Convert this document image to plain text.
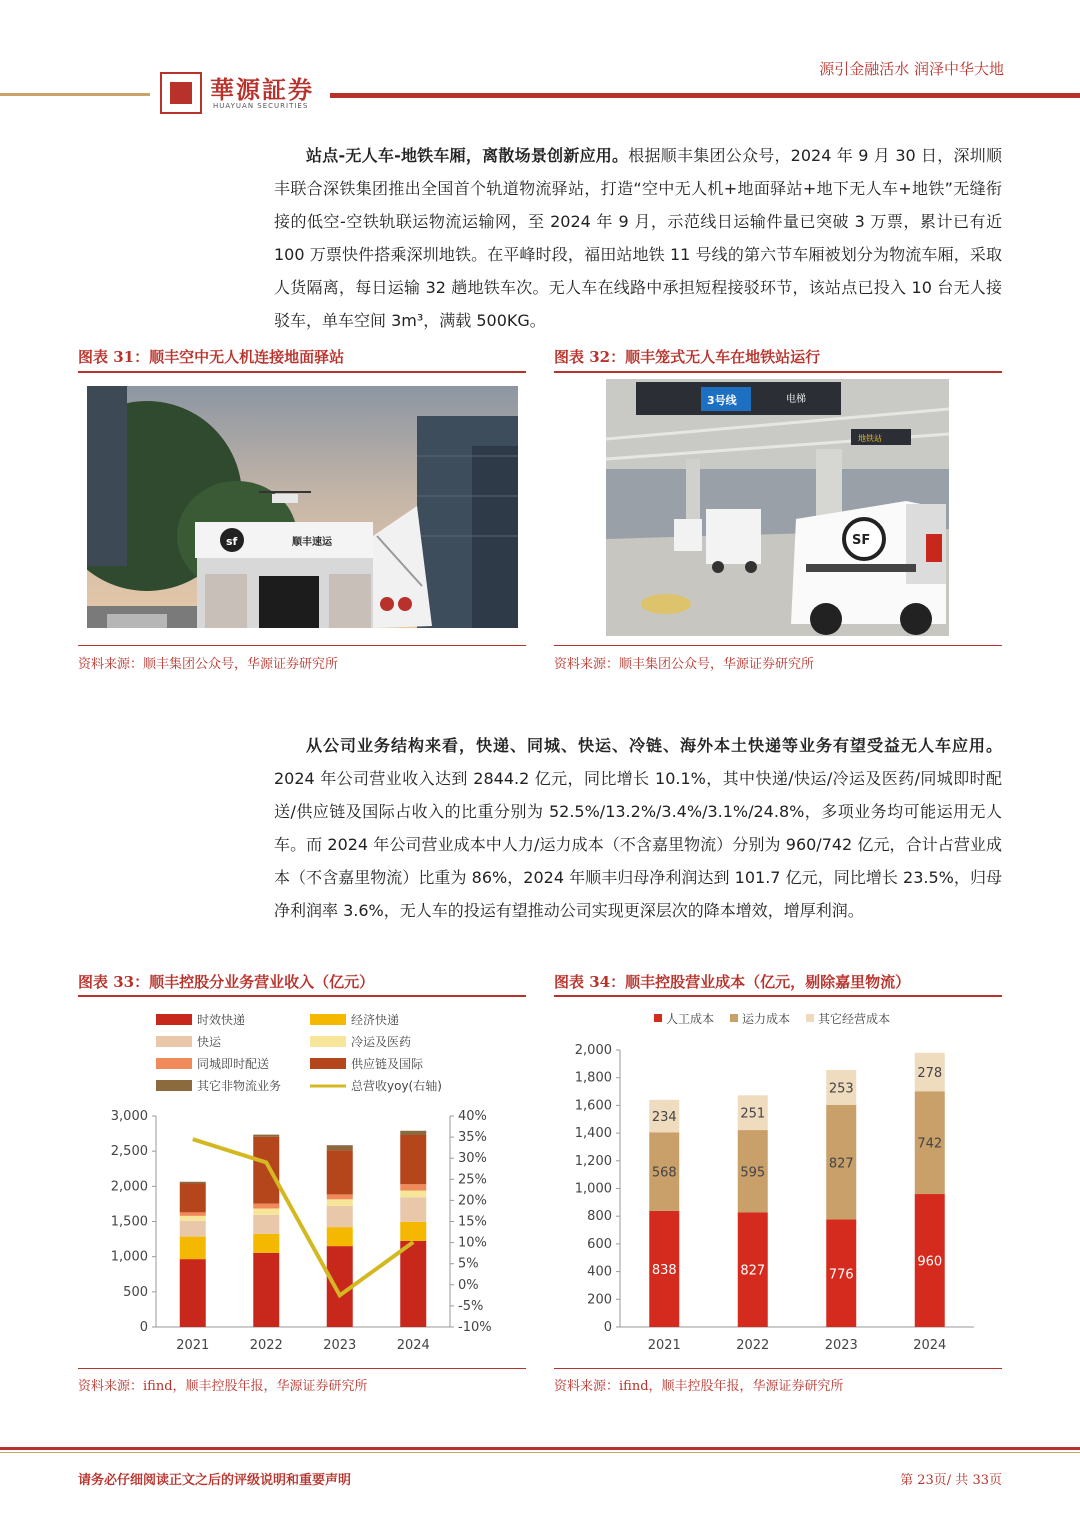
華源証券
HUAYUAN SECURITIES
源引金融活水 润泽中华大地
站点-无人车-地铁车厢，离散场景创新应用。根据顺丰集团公众号，2024 年 9 月 30 日，深圳顺丰联合深铁集团推出全国首个轨道物流驿站，打造“空中无人机+地面驿站+地下无人车+地铁”无缝衔接的低空-空铁轨联运物流运输网，至 2024 年 9 月，示范线日运输件量已突破 3 万票，累计已有近 100 万票快件搭乘深圳地铁。在平峰时段，福田站地铁 11 号线的第六节车厢被划分为物流车厢，采取人货隔离，每日运输 32 趟地铁车次。无人车在线路中承担短程接驳环节，该站点已投入 10 台无人接驳车，单车空间 3m³，满载 500KG。
图表 31：顺丰空中无人机连接地面驿站
sf	顺丰速运
资料来源：顺丰集团公众号，华源证券研究所
图表 32：顺丰笼式无人车在地铁站运行
3号线	电梯
地铁站
SF
资料来源：顺丰集团公众号，华源证券研究所
从公司业务结构来看，快递、同城、快运、冷链、海外本土快递等业务有望受益无人车应用。2024 年公司营业收入达到 2844.2 亿元，同比增长 10.1%，其中快递/快运/冷运及医药/同城即时配送/供应链及国际占收入的比重分别为 52.5%/13.2%/3.4%/3.1%/24.8%，多项业务均可能运用无人车。而 2024 年公司营业成本中人力/运力成本（不含嘉里物流）分别为 960/742 亿元，合计占营业成本（不含嘉里物流）比重为 86%，2024 年顺丰归母净利润达到 101.7 亿元，同比增长 23.5%，归母净利润率 3.6%，无人车的投运有望推动公司实现更深层次的降本增效，增厚利润。
图表 33：顺丰控股分业务营业收入（亿元）
时效快递	经济快递
快运	冷运及医药
同城即时配送	供应链及国际
其它非物流业务	总营收yoy(右轴)
0
500
1,000
1,500
2,000
2,500
3,000
-10%
-5%
0%
5%
10%
15%
20%
25%
30%
35%
40%
2021	2022	2023	2024
资料来源：ifind，顺丰控股年报，华源证券研究所
图表 34：顺丰控股营业成本（亿元，剔除嘉里物流）
人工成本 运力成本 其它经营成本
0
200
400
600
800
1,000
1,200
1,400
1,600
1,800
2,000
838
568
234
2021
827
595
251
2022
776
827
253
2023
960
742
278
2024
资料来源：ifind，顺丰控股年报，华源证券研究所
请务必仔细阅读正文之后的评级说明和重要声明	第 23页/ 共 33页
